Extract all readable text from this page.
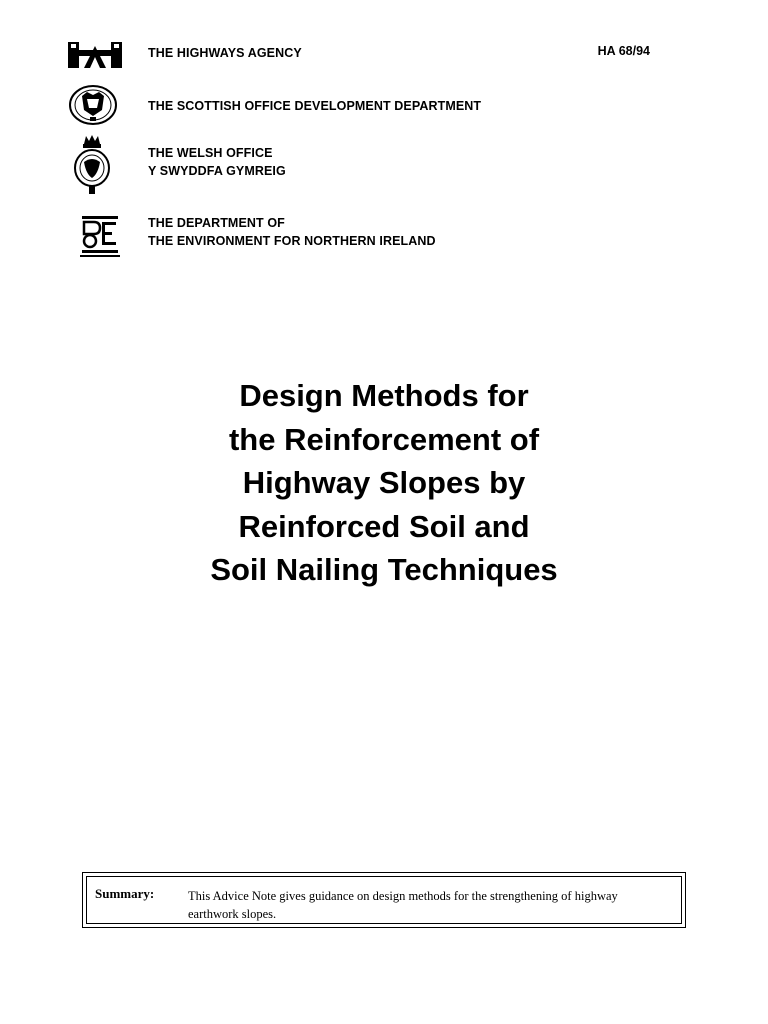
HA 68/94
THE HIGHWAYS AGENCY
THE SCOTTISH OFFICE DEVELOPMENT DEPARTMENT
THE WELSH OFFICE
Y SWYDDFA GYMREIG
THE DEPARTMENT OF
THE ENVIRONMENT FOR NORTHERN IRELAND
Design Methods for
the Reinforcement of
Highway Slopes by
Reinforced Soil and
Soil Nailing Techniques
Summary:	This Advice Note gives guidance on design methods for the strengthening of highway
earthwork slopes.
